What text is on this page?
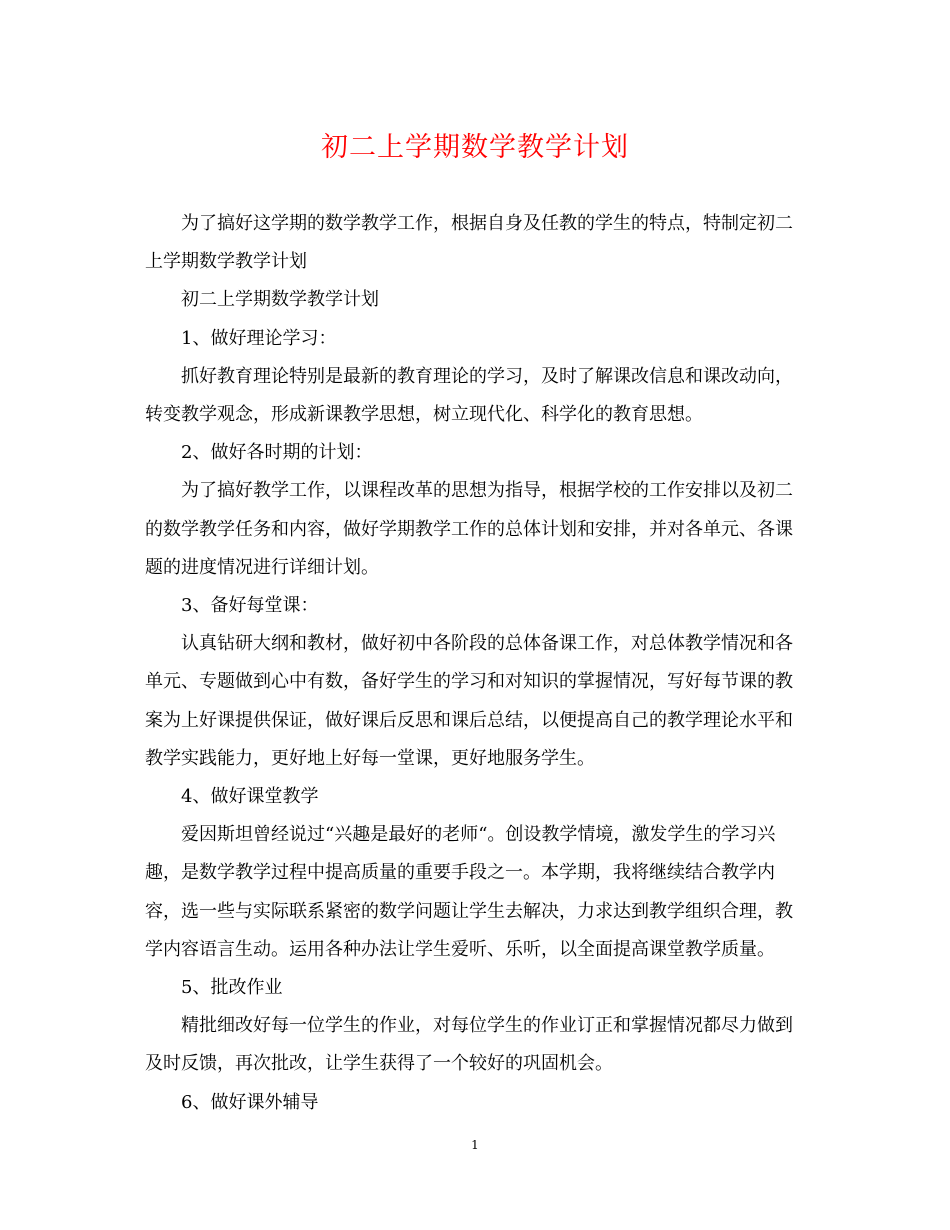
初二上学期数学教学计划

为了搞好这学期的数学教学工作，根据自身及任教的学生的特点，特制定初二上学期数学教学计划

初二上学期数学教学计划

1、做好理论学习：

抓好教育理论特别是最新的教育理论的学习，及时了解课改信息和课改动向，转变教学观念，形成新课教学思想，树立现代化、科学化的教育思想。

2、做好各时期的计划：

为了搞好教学工作，以课程改革的思想为指导，根据学校的工作安排以及初二的数学教学任务和内容，做好学期教学工作的总体计划和安排，并对各单元、各课题的进度情况进行详细计划。

3、备好每堂课：

认真钻研大纲和教材，做好初中各阶段的总体备课工作，对总体教学情况和各单元、专题做到心中有数，备好学生的学习和对知识的掌握情况，写好每节课的教案为上好课提供保证，做好课后反思和课后总结，以便提高自己的教学理论水平和教学实践能力，更好地上好每一堂课，更好地服务学生。

4、做好课堂教学

爱因斯坦曾经说过“兴趣是最好的老师“。创设教学情境，激发学生的学习兴趣，是数学教学过程中提高质量的重要手段之一。本学期，我将继续结合教学内容，选一些与实际联系紧密的数学问题让学生去解决，力求达到教学组织合理，教学内容语言生动。运用各种办法让学生爱听、乐听，以全面提高课堂教学质量。

5、批改作业

精批细改好每一位学生的作业，对每位学生的作业订正和掌握情况都尽力做到及时反馈，再次批改，让学生获得了一个较好的巩固机会。

6、做好课外辅导

1
